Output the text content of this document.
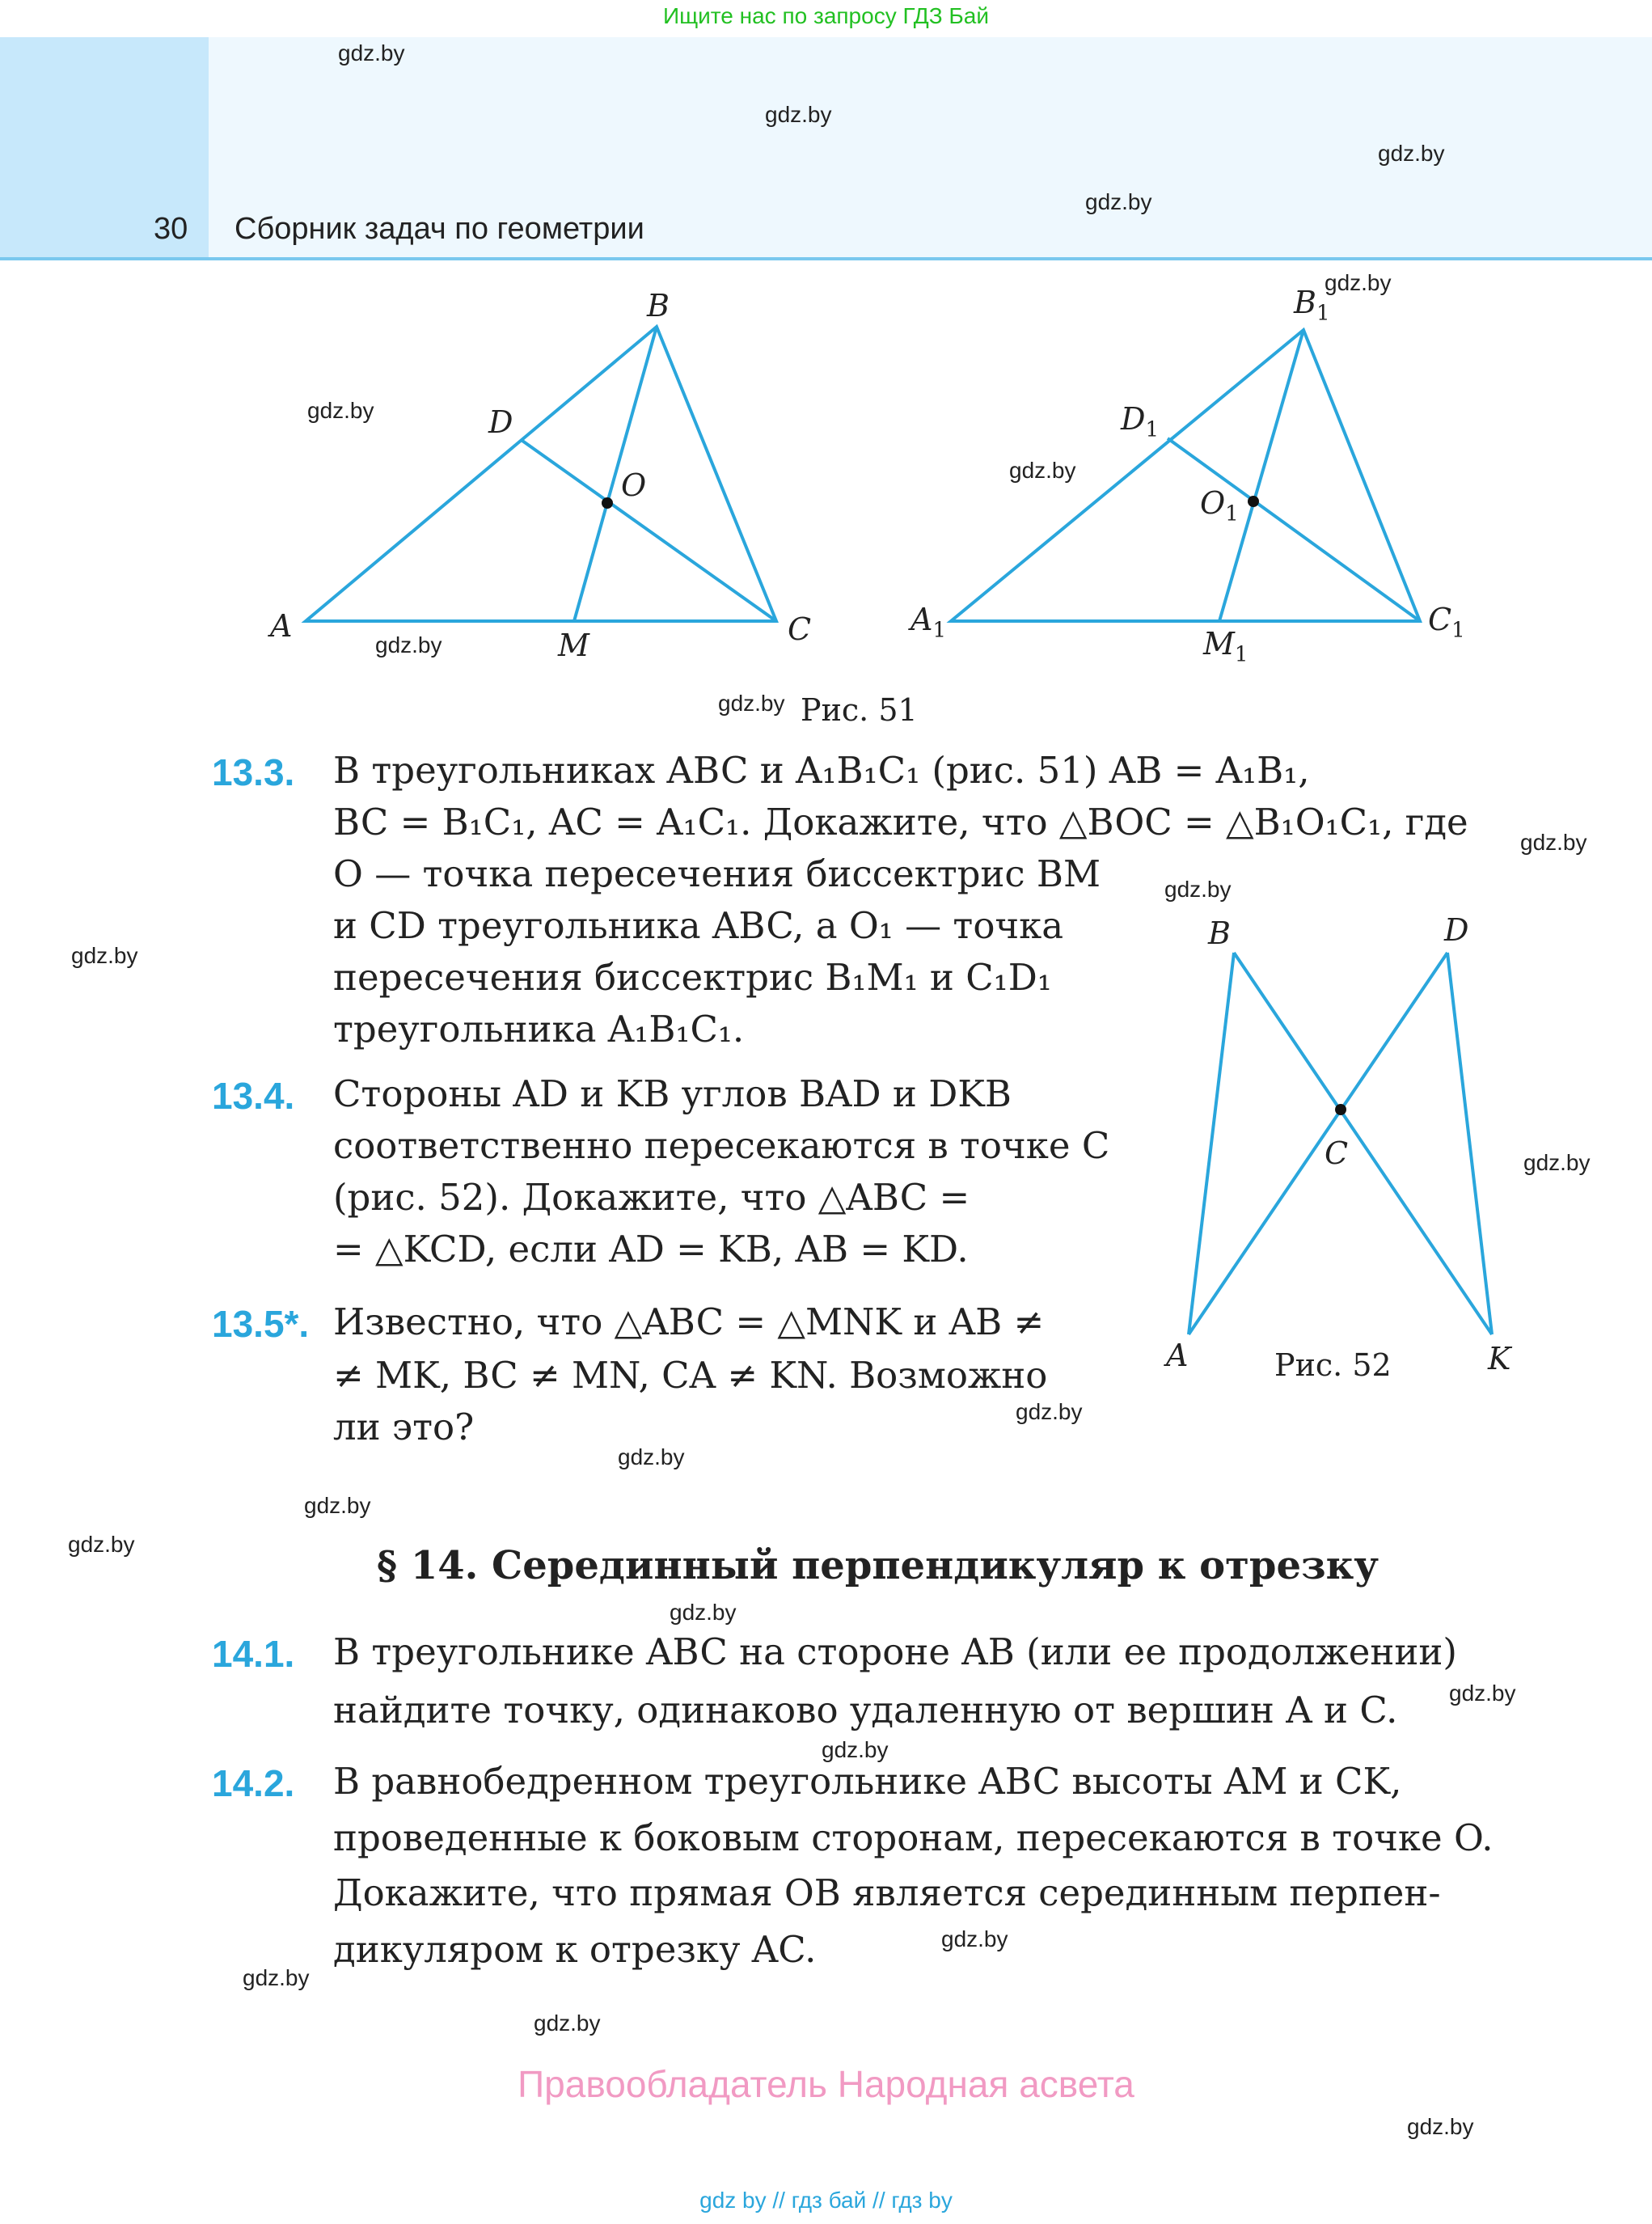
Ищите нас по запросу ГДЗ Бай
30 Сборник задач по геометрии
B
D
O
A
M	C
$B_1$
$D_1$
$O_1$
$A_1$	$M_1$
$C_1$
Рис. 51
B	D
C
A	K
Рис. 52
13.3. В треугольниках ABC и A₁B₁C₁ (рис. 51) AB = A₁B₁,
BC = B₁C₁, AC = A₁C₁. Докажите, что △BOC = △B₁O₁C₁, где
O — точка пересечения биссектрис BM
и CD треугольника ABC, а O₁ — точка
пересечения биссектрис B₁M₁ и C₁D₁
треугольника A₁B₁C₁.
13.4. Стороны AD и KB углов BAD и DKB
соответственно пересекаются в точке C
(рис. 52). Докажите, что △ABC =
= △KCD, если AD = KB, AB = KD.
13.5*. Известно, что △ABC = △MNK и AB ≠
≠ MK, BC ≠ MN, CA ≠ KN. Возможно
ли это?
§ 14. Серединный перпендикуляр к отрезку
14.1. В треугольнике ABC на стороне AB (или ее продолжении)
найдите точку, одинаково удаленную от вершин A и C.
14.2. В равнобедренном треугольнике ABC высоты AM и CK,
проведенные к боковым сторонам, пересекаются в точке O.
Докажите, что прямая OB является серединным перпен-
дикуляром к отрезку AC.
gdz.by
gdz.by
gdz.by
gdz.by
gdz.by
gdz.by
gdz.by
gdz.by
gdz.by
gdz.by
gdz.by
gdz.by
gdz.by
gdz.by
gdz.by
gdz.by
gdz.by
gdz.by
gdz.by
gdz.by
gdz.by
gdz.by
gdz.by
gdz.by
Правообладатель Народная асвета
gdz by // гдз бай // гдз by
